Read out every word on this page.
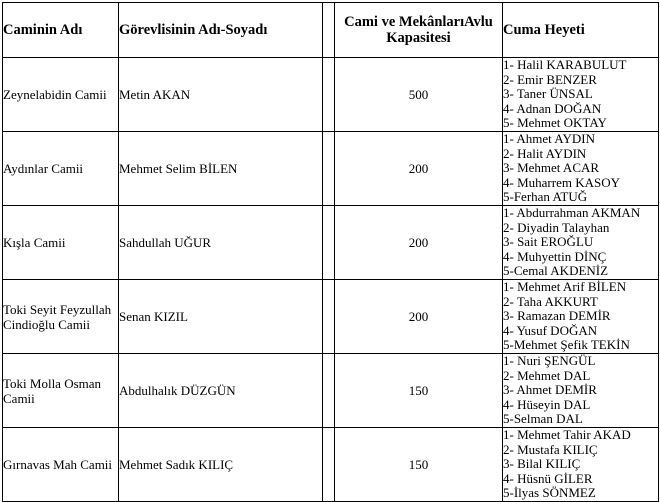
Caminin Adı	Görevlisinin Adı-Soyadı		Cami ve MekânlarıAvlu Kapasitesi	Cuma Heyeti
Zeynelabidin Camii	Metin AKAN		500	1- Halil KARABULUT
2- Emir BENZER
3- Taner ÜNSAL
4- Adnan DOĞAN
5- Mehmet OKTAY

Aydınlar Camii	Mehmet Selim BİLEN		200	1- Ahmet AYDIN
2- Halit AYDIN
3- Mehmet ACAR
4- Muharrem KASOY
5-Ferhan ATUĞ

Kışla Camii	Sahdullah UĞUR		200	1- Abdurrahman AKMAN
2- Diyadin Talayhan
3- Sait EROĞLU
4- Muhyettin DİNÇ
5-Cemal AKDENİZ

Toki Seyit Feyzullah Cindioğlu Camii	Senan KIZIL		200	1- Mehmet Arif BİLEN
2- Taha AKKURT
3- Ramazan DEMİR
4- Yusuf DOĞAN
5-Mehmet Şefik TEKİN

Toki Molla Osman Camii	Abdulhalık DÜZGÜN		150	1- Nuri ŞENGÜL
2- Mehmet DAL
3- Ahmet DEMİR
4- Hüseyin DAL
5-Selman DAL

Gırnavas Mah Camii	Mehmet Sadık KILIÇ		150	1- Mehmet Tahir AKAD
2- Mustafa KILIÇ
3- Bilal KILIÇ
4- Hüsnü GİLER
5-İlyas SÖNMEZ
